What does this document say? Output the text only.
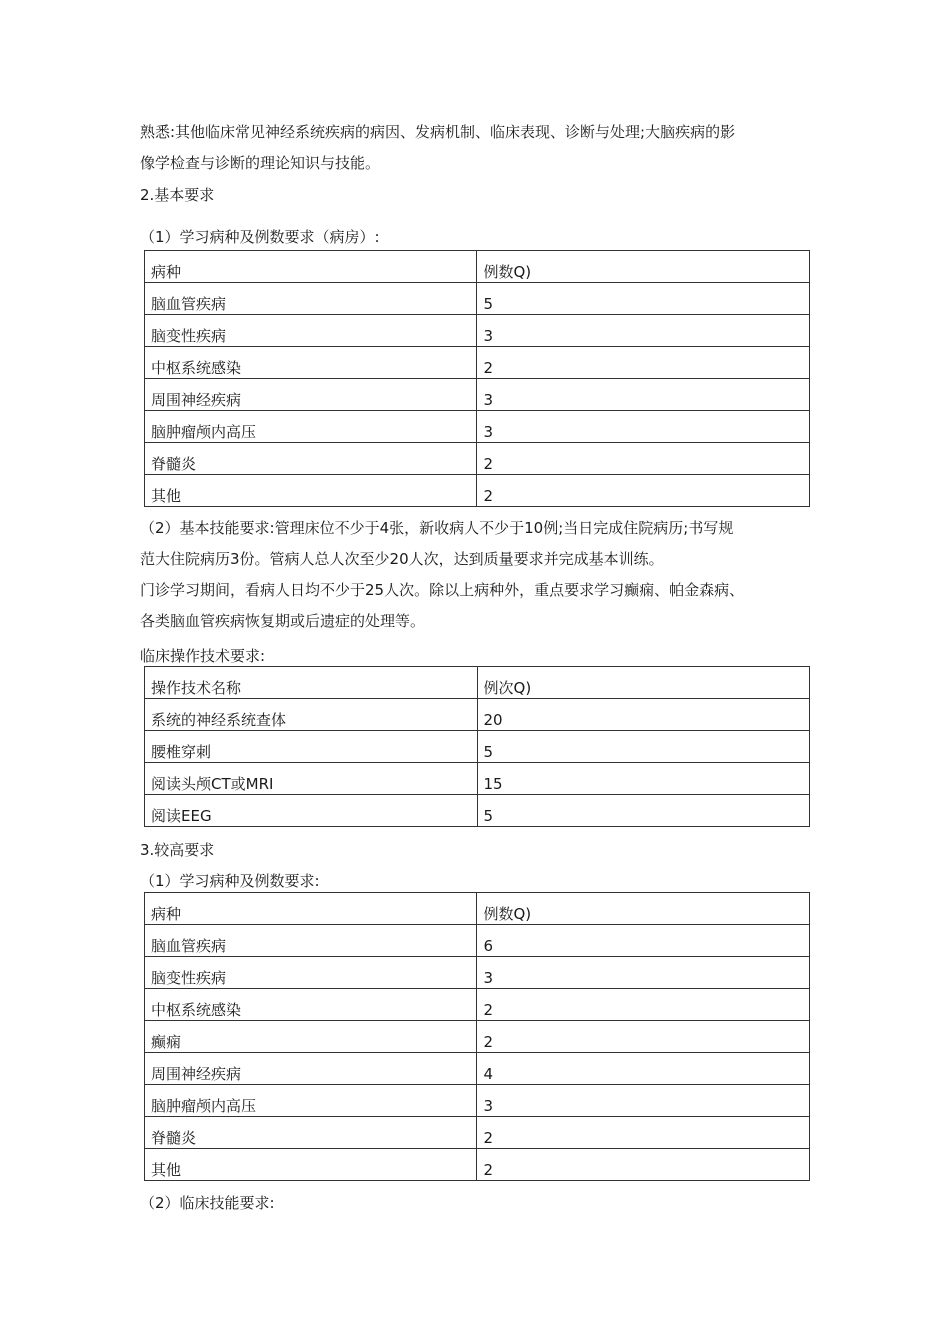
熟悉:其他临床常见神经系统疾病的病因、发病机制、临床表现、诊断与处理;大脑疾病的影
像学检查与诊断的理论知识与技能。
2.基本要求
（1）学习病种及例数要求（病房）:
病种	例数Q)
脑血管疾病	5
脑变性疾病	3
中枢系统感染	2
周围神经疾病	3
脑肿瘤颅内高压	3
脊髓炎	2
其他	2
（2）基本技能要求:管理床位不少于4张，新收病人不少于10例;当日完成住院病历;书写规
范大住院病历3份。管病人总人次至少20人次，达到质量要求并完成基本训练。
门诊学习期间，看病人日均不少于25人次。除以上病种外，重点要求学习癫痫、帕金森病、
各类脑血管疾病恢复期或后遗症的处理等。
临床操作技术要求:
操作技术名称	例次Q)
系统的神经系统查体	20
腰椎穿刺	5
阅读头颅CT或MRI	15
阅读EEG	5
3.较高要求
（1）学习病种及例数要求:
病种	例数Q)
脑血管疾病	6
脑变性疾病	3
中枢系统感染	2
癫痫	2
周围神经疾病	4
脑肿瘤颅内高压	3
脊髓炎	2
其他	2
（2）临床技能要求:
